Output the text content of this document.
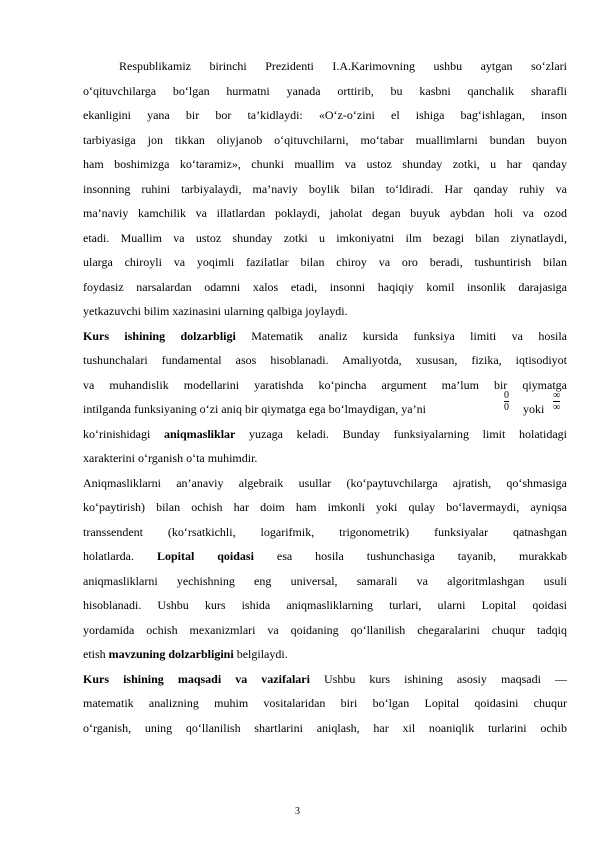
Respublikamiz birinchi Prezidenti I.A.Karimovning ushbu aytgan so‘zlari

o‘qituvchilarga bo‘lgan hurmatni yanada orttirib, bu kasbni qanchalik sharafli

ekanligini yana bir bor ta’kidlaydi: «O‘z-o‘zini el ishiga bag‘ishlagan, inson

tarbiyasiga jon tikkan oliyjanob o‘qituvchilarni, mo‘tabar muallimlarni bundan buyon

ham boshimizga ko‘taramiz», chunki muallim va ustoz shunday zotki, u har qanday

insonning ruhini tarbiyalaydi, ma’naviy boylik bilan to‘ldiradi. Har qanday ruhiy va

ma’naviy kamchilik va illatlardan poklaydi, jaholat degan buyuk aybdan holi va ozod

etadi. Muallim va ustoz shunday zotki u imkoniyatni ilm bezagi bilan ziynatlaydi,

ularga chiroyli va yoqimli fazilatlar bilan chiroy va oro beradi, tushuntirish bilan

foydasiz narsalardan odamni xalos etadi, insonni haqiqiy komil insonlik darajasiga

yetkazuvchi bilim xazinasini ularning qalbiga joylaydi.

Kurs ishining dolzarbligi Matematik analiz kursida funksiya limiti va hosila

tushunchalari fundamental asos hisoblanadi. Amaliyotda, xususan, fizika, iqtisodiyot

va muhandislik modellarini yaratishda ko‘pincha argument ma’lum bir qiymatga

intilganda funksiyaning o‘zi aniq bir qiymatga ega bo‘lmaydigan, ya’ni
0
0 yoki
∞
∞

ko‘rinishidagi aniqmasliklar yuzaga keladi. Bunday funksiyalarning limit holatidagi

xarakterini o‘rganish o‘ta muhimdir.

Aniqmasliklarni an’anaviy algebraik usullar (ko‘paytuvchilarga ajratish, qo‘shmasiga

ko‘paytirish) bilan ochish har doim ham imkonli yoki qulay bo‘lavermaydi, ayniqsa

transsendent (ko‘rsatkichli, logarifmik, trigonometrik) funksiyalar qatnashgan

holatlarda. Lopital qoidasi esa hosila tushunchasiga tayanib, murakkab

aniqmasliklarni yechishning eng universal, samarali va algoritmlashgan usuli

hisoblanadi. Ushbu kurs ishida aniqmasliklarning turlari, ularni Lopital qoidasi

yordamida ochish mexanizmlari va qoidaning qo‘llanilish chegaralarini chuqur tadqiq

etish mavzuning dolzarbligini belgilaydi.

Kurs ishining maqsadi va vazifalari Ushbu kurs ishining asosiy maqsadi —

matematik analizning muhim vositalaridan biri bo‘lgan Lopital qoidasini chuqur

o‘rganish, uning qo‘llanilish shartlarini aniqlash, har xil noaniqlik turlarini ochib

3
